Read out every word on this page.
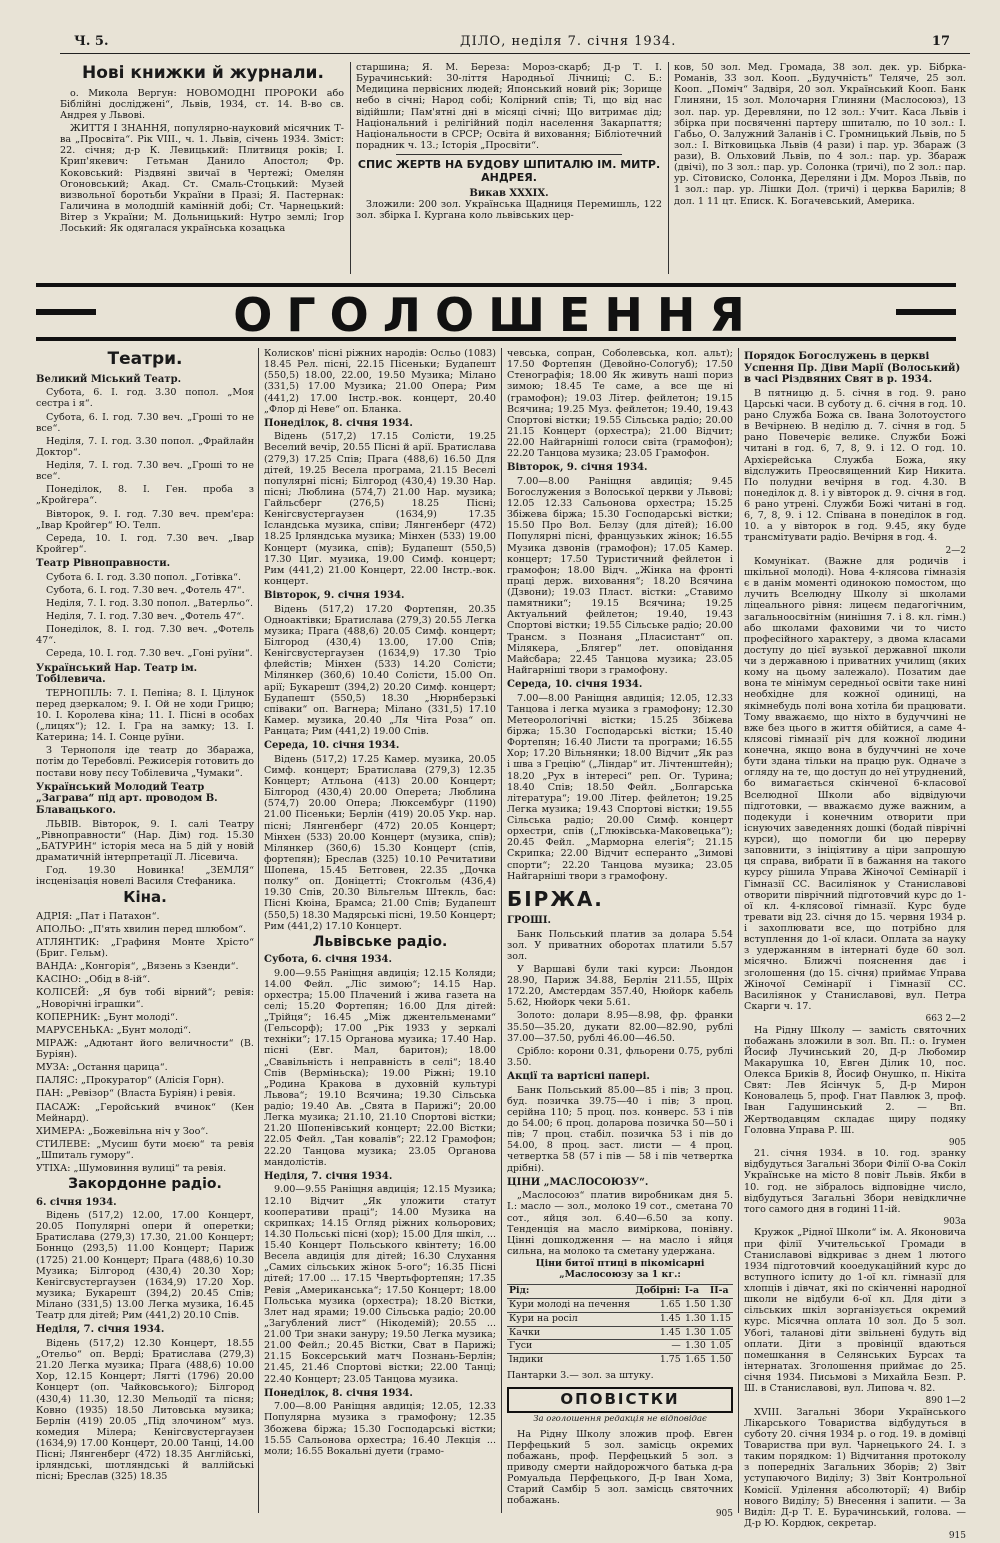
Ч. 5.	ДІЛО, неділя 7. січня 1934.	17
Нові книжки й журнали.

о. Микола Вергун: НОВОМОДНІ ПРОРОКИ або Біблійні досліджені“, Львів, 1934, ст. 14. В-во св. Андрея у Львові.

ЖИТТЯ І ЗНАННЯ, популярно-науковий місячник Т-ва „Просвіта“. Рік VIII., ч. 1. Львів, січень 1934. Зміст: 22. січня; д-р К. Левицький: Плитвиця років; І. Крип'якевич: Гетьман Данило Апостол; Фр. Коковський: Різдвяні звичаї в Чертежі; Омелян Огоновський; Акад. Ст. Смаль-Стоцький: Музей визвольної боротьби України в Празі; Я. Пастернак: Галичина в молодшій камінній добі; Ст. Чарнецький: Вітер з України; М. Дольницький: Нутро землі; Ігор Лоський: Як одягалася українська козацька

старшина; Я. М. Береза: Мороз-скарб; Д-р Т. І. Бурачинський: 30-ліття Народньої Лічниці; С. Б.: Медицина первісних людей; Японський новий рік; Зорище небо в січні; Народ собі; Колірний спів; Ті, що від нас відійшли; Пам'ятні дні в місяці січні; Що витримає дід; Національний і релігійний поділ населення Закарпаття; Національности в СРСР; Освіта й виховання; Бібліотечний порадник ч. 13.; Історія „Просвіти“.

СПИС ЖЕРТВ НА БУДОВУ ШПИТАЛЮ ІМ. МИТР. АНДРЕЯ.
Викав XXXIX.

Зложили: 200 зол. Українська Щадниця Перемишль, 122 зол. збірка І. Кургана коло львівських цер-

ков, 50 зол. Мед. Громада, 38 зол. дек. ур. Бібрка-Романів, 33 зол. Кооп. „Будучність“ Теляче, 25 зол. Кооп. „Поміч“ Задвіря, 20 зол. Український Кооп. Банк Глиняни, 15 зол. Молочарня Глиняни (Маслосоюз), 13 зол. пар. ур. Деревляни, по 12 зол.: Учит. Каса Львів і збірка при посвяченні партеру шпиталю, по 10 зол.: І. Габьо, О. Залужний Заланів і С. Громницький Львів, по 5 зол.: І. Вітковицька Львів (4 рази) і пар. ур. Збараж (3 рази), В. Ольховий Львів, по 4 зол.: пар. ур. Збараж (двічі), по 3 зол.: пар. ур. Солонка (тричі), по 2 зол.: пар. ур. Сітовиско, Солонка, Дереляни і Дм. Мороз Львів, по 1 зол.: пар. ур. Лішки Дол. (тричі) і церква Барилів; 8 дол. 1 11 цт. Епиcк. К. Богачевський, Америка.

ОГОЛОШЕННЯ
Театри.
Великий Міський Театр.

Субота, 6. І. год. 3.30 попол. „Моя сестра і я“.

Субота, 6. І. год. 7.30 веч. „Гроші то не все“.

Неділя, 7. І. год. 3.30 попол. „Фрайлайн Доктор“.

Неділя, 7. І. год. 7.30 веч. „Гроші то не все“.

Понеділок, 8. І. Ген. проба з „Кройгера“.

Вівторок, 9. І. год. 7.30 веч. прем'єра: „Івар Кройгер“ Ю. Телп.

Середа, 10. І. год. 7.30 веч. „Івар Кройгер“.

Театр Рівноправности.

Субота 6. І. год. 3.30 попол. „Готівка“.

Субота, 6. І. год. 7.30 веч. „Фотель 47“.

Неділя, 7. І. год. 3.30 попол. „Ватерльо“.

Неділя, 7. І. год. 7.30 веч. „Фотель 47“.

Понеділок, 8. І. год. 7.30 веч. „Фотель 47“.

Середа, 10. І. год. 7.30 веч. „Гоні руїни“.

Український Нар. Театр ім. Тобілевича.

ТЕРНОПІЛЬ: 7. І. Пепіна; 8. І. Цілунок перед дзеркалом; 9. І. Ой не ходи Грицю; 10. І. Королева кіна; 11. І. Пісні в особах („лицях“); 12. І. Гра на замку; 13. І. Катерина; 14. І. Сонце руїни.

З Тернополя іде театр до Збаража, потім до Теребовлі. Режисерія готовить до постави нову пєсу Тобілевича „Чумаки“.

Український Молодий Театр „Заграва“ під арт. проводом В. Блавацького.

ЛЬВІВ. Вівторок, 9. І. салі Театру „Рівноправности“ (Нар. Дім) год. 15.30 „БАТУРИН“ історія меса на 5 дій у новій драматичній інтерпретації Л. Лісевича.

Год. 19.30 Новинка! „ЗЕМЛЯ“ інсценізація новелі Василя Стефаника.

Кіна.

АДРІЯ: „Пат і Патахон“.

АПОЛЬО: „П'ять хвилин перед шлюбом“.

АТЛЯНТИК: „Графиня Монте Хрісто“ (Бриг. Гельм).

ВАНДА: „Конгорія“, „Вязень з Кзенди“.

КАСІНО: „Обід в 8-ій“.

КОЛІСЕЙ: „Я був тобі вірний“; ревія: „Новорічні іграшки“.

КОПЕРНИК: „Бунт молоді“.

МАРУСЕНЬКА: „Бунт молоді“.

МІРАЖ: „Адютант його величности“ (В. Буріян).

МУЗА: „Остання царица“.

ПАЛЯС: „Прокуратор“ (Алісія Горн).

ПАН: „Ревізор“ (Власта Буріян) і ревія.

ПАСАЖ: „Геройський вчинок“ (Кен Мейнард).

ХИМЕРА: „Божевільна ніч у Зоо“.

СТИЛЕВЕ: „Мусиш бути моєю“ та ревія „Шпиталь гумору“.

УТІХА: „Шумовиння вулиці“ та ревія.

Закордонне радіо.
6. січня 1934.

Відень (517,2) 12.00, 17.00 Концерт, 20.05 Популярні опери й оперетки; Братислава (279,3) 17.30, 21.00 Концерт; Боннцо (293,5) 11.00 Концерт; Париж (1725) 21.00 Концерт; Прага (488,6) 10.30 Музика; Білгород (430,4) 20.30 Хор; Кенігсвустергаузен (1634,9) 17.20 Хор. музика; Букарешт (394,2) 20.45 Спів; Мілано (331,5) 13.00 Легка музика, 16.45 Театр для дітей; Рим (441,2) 20.10 Спів.

Неділя, 7. січня 1934.

Відень (517,2) 12.30 Концерт, 18.55 „Отельо“ оп. Верді; Братислава (279,3) 21.20 Легка музика; Прага (488,6) 10.00 Хор, 12.15 Концерт; Лягті (1796) 20.00 Концерт (оп. Чайковського); Білгород (430,4) 11.30, 12.30 Мельодії та пісня; Ковно (1935) 18.50 Литовська музика; Берлін (419) 20.05 „Під злочином“ муз. комедия Мілера; Кенігсвустергаузен (1634,9) 17.00 Концерт, 20.00 Танці, 14.00 Пісні; Лянгенберг (472) 18.35 Англійські, ірляндські, шотляндські й валлійські пісні; Бреслав (325) 18.35

Колисков' пісні ріжних народів: Осльо (1083) 18.45 Рел. пісні, 22.15 Пісеньки; Будапешт (550,5) 18.00, 22.00, 19.50 Музика; Мілано (331,5) 17.00 Музика; 21.00 Опера; Рим (441,2) 17.00 Інстр.-вок. концерт, 20.40 „Флор ді Неве“ оп. Бланка.

Понеділок, 8. січня 1934.

Відень (517,2) 17.15 Солісти, 19.25 Веселий вечір, 20.55 Пісні й арії. Братислава (279,3) 17.25 Спів; Прага (488,6) 16.50 Для дітей, 19.25 Весела програма, 21.15 Веселі популярні пісні; Білгород (430,4) 19.30 Нар. пісні; Люблина (574,7) 21.00 Нар. музика; Гайльсберг (276,5) 18.25 Пісні; Кенігсвустергаузен (1634,9) 17.35 Ісландська музика, співи; Лянгенберг (472) 18.25 Ірляндська музика; Мінхен (533) 19.00 Концерт (музика, спів); Будапешт (550,5) 17.30 Циг. музика, 19.00 Симф. концерт; Рим (441,2) 21.00 Концерт, 22.00 Інстр.-вок. концерт.

Вівторок, 9. січня 1934.

Відень (517,2) 17.20 Фортепян, 20.35 Одноактівки; Братислава (279,3) 20.55 Легка музика; Прага (488,6) 20.05 Симф. концерт; Білгород (430,4) 13.00, 17.00 Спів; Кенігсвустергаузен (1634,9) 17.30 Тріо флейстів; Мінхен (533) 14.20 Солісти; Мілянкер (360,6) 10.40 Солісти, 15.00 Оп. арії; Букарешт (394,2) 20.20 Симф. концерт; Будапешт (550,5) 18.30 „Нюрнберзькі співаки“ оп. Вагнера; Мілано (331,5) 17.10 Камер. музика, 20.40 „Ля Чіта Роза“ оп. Ранцата; Рим (441,2) 19.00 Спів.

Середа, 10. січня 1934.

Відень (517,2) 17.25 Камер. музика, 20.05 Симф. концерт; Братислава (279,3) 12.35 Концерт; Атльона (413) 20.00 Концерт; Білгород (430,4) 20.00 Оперета; Люблина (574,7) 20.00 Опера; Люксембург (1190) 21.00 Пісеньки; Берлін (419) 20.05 Укр. нар. пісні; Лянгенберг (472) 20.05 Концерт; Мінхен (533) 20.00 Концерт (музика, спів); Мілянкер (360,6) 15.30 Концерт (спів, фортепян); Бреслав (325) 10.10 Речитативи Шопена, 15.45 Бетговен, 22.35 „Дочка полку“ оп. Доніцетті; Стокгольм (436,4) 19.30 Спів, 20.30 Вільгельм Штекль, бас: Пісні Кюіна, Брамса; 21.00 Спів; Будапешт (550,5) 18.30 Мадярські пісні, 19.50 Концерт; Рим (441,2) 17.10 Концерт.

Львівське радіо.
Субота, 6. січня 1934.

9.00—9.55 Раніщня авдиція; 12.15 Коляди; 14.00 Фейл. „Ліс зимою“; 14.15 Нар. орхестра; 15.00 Плачений і жива газета на селі; 15.20 Фортепян; 16.00 Для дітей: „Трійця“; 16.45 „Між джентельменами“ (Гельсорф); 17.00 „Рік 1933 у зеркалі техніки“; 17.15 Органова музика; 17.40 Нар. пісні (Евг. Мал, баритон); 18.00 „Свавільність і неправність в селі“; 18.40 Спів (Верміньска); 19.00 Ріжні; 19.10 „Родина Кракова в духовній культурі Львова“; 19.10 Всячина; 19.30 Сільська радіо; 19.40 Ав. „Свята в Парижі“; 20.00 Легка музика; 21.10, 21.10 Спортові вістки; 21.20 Шопенівський концерт; 22.00 Вістки; 22.05 Фейл. „Тан ковалів“; 22.12 Грамофон; 22.20 Танцова музика; 23.05 Органова мандолістів.

Неділя, 7. січня 1934.

9.00—9.55 Раніщня авдиція; 12.15 Музика; 12.10 Відчит „Як уложити статут кооперативи праці“; 14.00 Музика на скрипках; 14.15 Огляд ріжних кольорових; 14.30 Польські пісні (хор); 15.00 Для шкіл, ... 15.40 Концерт Польського квінтету; 16.00 Весела авдиція для дітей; 16.30 Слухання „Самих сільських жінок 5-ого“; 16.35 Пісні дітей; 17.00 ... 17.15 Чвертьфортепян; 17.35 Ревія „Американська“; 17.50 Концерт; 18.00 Польська музика (орхестра); 18.20 Вістки, Злет над ярами; 19.00 Сільська радіо; 20.00 „Загублений лист“ (Нікодемій); 20.55 ... 21.00 Три знаки зануру; 19.50 Легка музика; 21.00 Фейл.; 20.45 Вістки, Сват в Парижі; 21.15 Боксерський матч Познань-Берлін; 21.45, 21.46 Спортові вістки; 22.00 Танці; 22.40 Концерт; 23.05 Танцова музика.

Понеділок, 8. січня 1934.

7.00—8.00 Раніщня авдиція; 12.05, 12.33 Популярна музика з грамофону; 12.35 Збожева біржа; 15.30 Господарські вістки; 15.55 Сальонова орхестра; 16.40 Лекція ... моли; 16.55 Вокальні дуети (грамо-

чевська, сопран, Соболевська, кол. альт); 17.50 Фортепян (Девойно-Сологуб); 17.50 Стенографія; 18.00 Як живуть наші пориз зимою; 18.45 Те саме, а все ще ні (грамофон); 19.03 Літер. фейлетон; 19.15 Всячина; 19.25 Муз. фейлетон; 19.40, 19.43 Спортові вістки; 19.55 Сільська радіо; 20.00 21.15 Концерт (орхестра); 21.00 Відчит; 22.00 Найгарніші голоси світа (грамофон); 22.20 Танцова музика; 23.05 Грамофон.

Вівторок, 9. січня 1934.

7.00—8.00 Раніщня авдиція; 9.45 Богослужения з Волоської церкви у Львові; 12.05 12.33 Сальонова орхестра; 15.25 Збіжева біржа; 15.30 Господарські вістки; 15.50 Про Вол. Белзу (для дітей); 16.00 Популярні пісні, французьких жінок; 16.55 Музика дзвонів (грамофон); 17.05 Камер. концерт; 17.50 Туристичний фейлетон і грамофон; 18.00 Відч. „Жінка на фронті праці держ. виховання“; 18.20 Всячина (Дзвони); 19.03 Пласт. вістки: „Ставимо памятники“; 19.15 Всячина; 19.25 Актуальний фейлетон; 19.40, 19.43 Спортові вістки; 19.55 Сільське радіо; 20.00 Трансм. з Познаня „Пласистант“ оп. Мілякера, „Блягер“ лет. оповідання Майсбара; 22.45 Танцова музика; 23.05 Найгарніші твори з грамофону.

Середа, 10. січня 1934.

7.00—8.00 Раніщня авдиція; 12.05, 12.33 Танцова і легка музика з грамофону; 12.30 Метеорологічні вістки; 15.25 Збіжева біржа; 15.30 Господарські вістки; 15.40 Фортепян; 16.40 Листи та програми; 16.55 Хор; 17.20 Вільнянки; 18.00 Відчит „Як раз і шва з Грецію“ („Ліндар“ ит. Лічтенштейн); 18.20 „Рух в інтересі“ реп. Ог. Турина; 18.40 Спів; 18.50 Фейл. „Болгарська література“; 19.00 Літер. фейлетон; 19.25 Легка музика; 19.43 Спортові вістки; 19.55 Сільська радіо; 20.00 Симф. концерт орхестри, спів („Глюківська-Маковецька“); 20.45 Фейл. „Марморна елегія“; 21.15 Скрипка; 22.00 Відчит есперанто „Зимові спорти“; 22.20 Танцова музика; 23.05 Найгарніші твори з грамофону.

БІРЖА.
ГРОШІ.

Банк Польський платив за долара 5.54 зол. У приватних оборотах платили 5.57 зол.

У Варшаві були такі курси: Льондон 28.90, Париж 34.88, Берлін 211.55, Щріх 172.20, Амстердам 357.40, Нюйорк кабель 5.62, Нюйорк чеки 5.61.

Золото: долари 8.95—8.98, фр. франки 35.50—35.20, дукати 82.00—82.90, рублі 37.00—37.50, рублі 46.00—46.50.

Срібло: корони 0.31, фльорени 0.75, рублі 3.50.

Акції та вартісні папері.

Банк Польський 85.00—85 і пів; 3 проц. буд. позичка 39.75—40 і пів; 3 проц. серійна 110; 5 проц. поз. конверс. 53 і пів до 54.00; 6 проц. доларова позичка 50—50 і пів; 7 проц. стабіл. позичка 53 і пів до 54.00, 8 проц. заст. листи — 4 проц. четвертка 58 (57 і пів — 58 і пів четвертка дрібні).

ЦІНИ „МАСЛОСОЮЗУ“.

„Маслосоюз“ платив виробникам дня 5. І.: масло — зол., молоко 19 сот., сметана 70 сот., яйця зол. 6.40—6.50 за копу. Тенденція на масло виміркова, понівну. Цінні дошкодження — на масло і яйця сильна, на молоко та сметану удержана.

Ціни битої птиці в пікомісарні „Маслосоюзу за 1 кг.:
Рід:	Добірні:	І-а	ІІ-а
Кури молоді на печення	1.65	1.50	1.30
Кури на росіл	1.45	1.30	1.15
Качки	1.45	1.30	1.05
Гуси	—	1.30	1.05
Індики	1.75	1.65	1.50
Пантарки 3.— зол. за штуку.
ОПОВІСТКИ
За оголошення редакція не відповідає

На Рідну Школу зложив проф. Евген Перфецький 5 зол. замісць окремих побажань, проф. Перфецький 5 зол. з приводу смерти найдорожчого батька д-ра Ромуальда Перфецького, Д-р Іван Хома, Старий Самбір 5 зол. замісць святочних побажань.

905
Порядок Богослужень в церкві Успення Пр. Діви Марії (Волоський) в часі Різдвяних Свят в р. 1934.

В пятницю д. 5. січня в год. 9. рано Царські часи. В суботу д. 6. січня в год. 10. рано Служба Божа св. Івана Золотоустого в Вечірнею. В неділю д. 7. січня в год. 5 рано Повечеріє велике. Служби Божі читані в год. 6, 7, 8, 9. і 12. О год. 10. Архієрейська Служба Божа, яку відслужить Преосвященний Кир Никита. По полудни вечірня в год. 4.30. В понеділок д. 8. і у вівторок д. 9. січня в год. 6 рано утрені. Служби Божі читані в год. 6, 7, 8, 9. і 12. Співана в понеділок в год. 10. а у вівторок в год. 9.45, яку буде трансмітувати радіо. Вечірня в год. 4.

2—2

Комунікат. (Важне для родичів і шкільної молоді). Нова 4-клясова гімназія є в данім моменті одинокою помостом, що лучить Вселюдну Школу зі школами ліцеального рівня: лицеєм педагогічним, загальноосвітнім (нинішня 7. і 8. кл. гімн.) або школами фаховими чи то чисто професійного характеру, з двома класами доступу до цієї вузької державної школи чи з державною і приватних училищ (яких кому на цьому залежало). Позатим дае вона те мінімум середньої освіти таке нині необхідне для кожної одиниці, на якімнебудь полі вона хотіла би працювати. Тому вважаємо, що ніхто в будуччині не вже без цього в життя обійтися, а саме 4-клясові гімназії річ для кожної людини конечна, якщо вона в будуччині не хоче бути здана тільки на працю рук. Одначе з огляду на те, що доступ до неї утруднений, бо вимагається скінченої 6-класової Вселюдної Школи або відвідуючи підготовки, — вважаємо дуже важним, а подекуди і конечним отворити при існуючих заведеннях дошкі (бодай піврічні курси), що помогли би цю перерву заповнити, з ініціятиву а ціри запрошую ця справа, вибрати її в бажання на такого курсу рішила Управа Жіночої Семінарії і Гімназії СС. Василіянок у Станиславові отворити піврічний підготовчий курс до 1-ої кл. 4-клясової гімназії. Курс буде тревати від 23. січня до 15. червня 1934 р. і захоплювати все, що потрібно для вступлення до 1-ої класи. Оплата за науку з удержанням в інтернаті буде 60 зол. місячно. Ближчі пояснення дає і зголошення (до 15. січня) приймає Управа Жіночої Семінарії і Гімназії СС. Василіянок у Станиславові, вул. Петра Скарги ч. 17.

663 2—2

На Рідну Школу — замість святочних побажань зложили в зол. Вп. П.: о. Ігумен Йосиф Лучинський 20, Д-р Любомир Макарушка 10, Евген Ділик 10, пос. Олекса Бриків 8, Йосиф Онушко, п. Нікіта Свят: Лев Ясінчук 5, Д-р Мирон Коновалець 5, проф. Гнат Павлюк 3, проф. Іван Гадушинський 2. — Вп. Жертводавцям складає щиру подяку Головна Управа Р. Ш.

905

21. січня 1934. в 10. год. зранку відбудуться Загальні Збори Філії О-ва Сокіл Українське на місто 8 повіт Львів. Якби в 10. год. не зібралось відповідне число, відбудуться Загальні Збори невідкличне того самого дня в годині 11-ій.

903а

Кружок „Рідної Школи“ ім. А. Яконовича при філії Учительської Громади в Станиславові відкриває з днем 1 лютого 1934 підготовчий кооедукаційний курс до вступного іспиту до 1-ої кл. гімназії для хлопців і дівчат, які по скінченні народної школи не відбули 6-ої кл. Для діти з сільських шкіл зорганізується окремий курс. Місячна оплата 10 зол. До 5 зол. Убогі, таланові діти звільнені будуть від оплати. Діти з провінції вдаються помешкання в Селянських Бурсах та інтернатах. Зголошення приймає до 25. січня 1934. Письмові з Михайла Безп. Р. Ш. в Станиславові, вул. Липова ч. 82.

890 1—2

XVIII. Загальні Збори Українського Лікарського Товариства відбудуться в суботу 20. січня 1934 р. о год. 19. в домівці Товариства при вул. Чарнецького 24. І. з таким порядком: 1) Відчитання протоколу з попередніх Загальних Зборів; 2) Звіт уступаючого Виділу; 3) Звіт Контрольної Комісії. Уділення абсолюторії; 4) Вибір нового Виділу; 5) Внесення і запити. — За Виділ: Д-р Т. Е. Бурачинський, голова. — Д-р Ю. Кордюк, секретар.

915
